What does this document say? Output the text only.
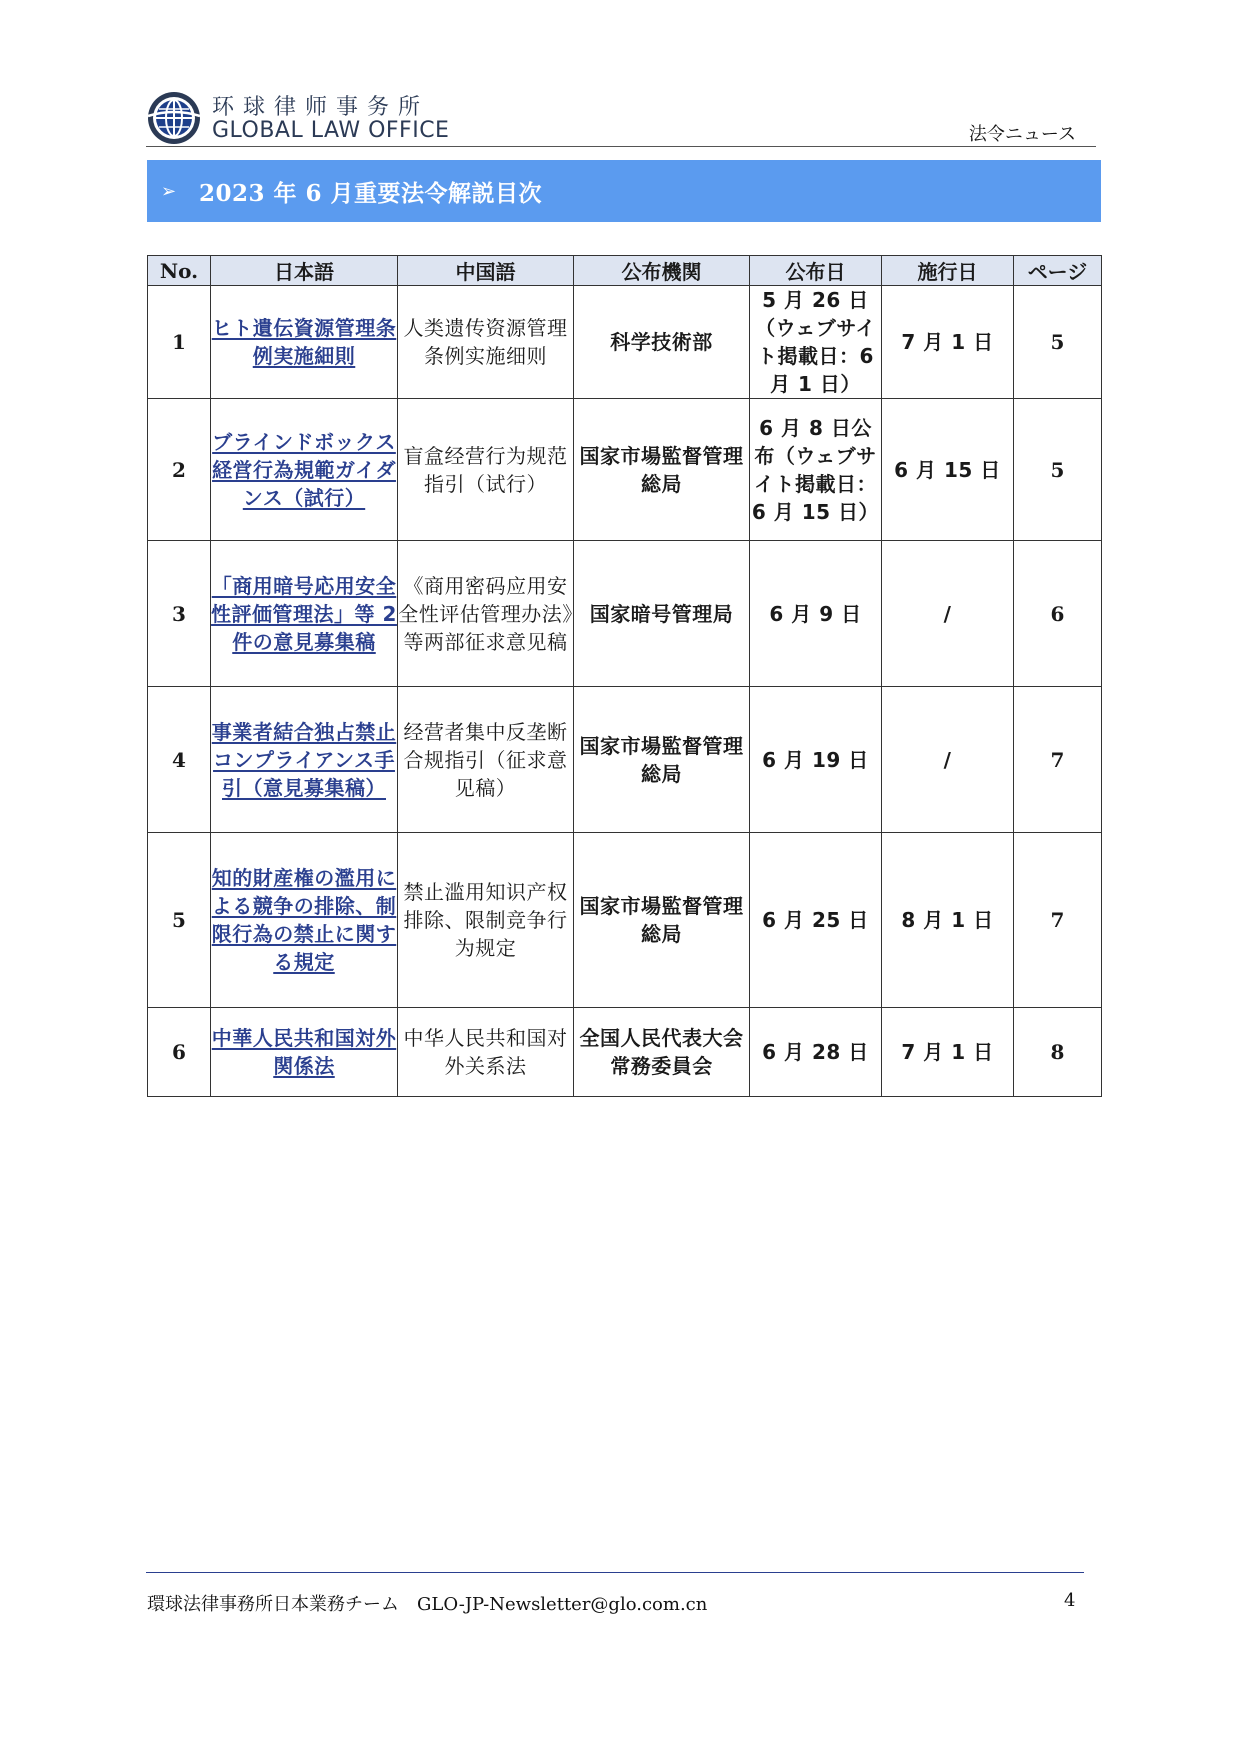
环球律师事务所
GLOBAL LAW OFFICE	法令ニュース
➢ 2023 年 6 月重要法令解説目次
No.	日本語	中国語	公布機関	公布日	施行日	ページ
1	ヒト遺伝資源管理条例実施細則	人类遗传资源管理条例实施细则	科学技術部	5 月 26 日（ウェブサイト掲載日：6 月 1 日）	7 月 1 日	5
2	ブラインドボックス経営行為規範ガイダンス（試行）	盲盒经营行为规范指引（试行）	国家市場監督管理総局	6 月 8 日公布（ウェブサイト掲載日：6 月 15 日）	6 月 15 日	5
3	「商用暗号応用安全性評価管理法」等 2 件の意見募集稿	《商用密码应用安全性评估管理办法》等两部征求意见稿	国家暗号管理局	6 月 9 日	/	6
4	事業者結合独占禁止コンプライアンス手引（意見募集稿）	经营者集中反垄断合规指引（征求意见稿）	国家市場監督管理総局	6 月 19 日	/	7
5	知的財産権の濫用による競争の排除、制限行為の禁止に関する規定	禁止滥用知识产权排除、限制竞争行为规定	国家市場監督管理総局	6 月 25 日	8 月 1 日	7
6	中華人民共和国対外関係法	中华人民共和国对外关系法	全国人民代表大会常務委員会	6 月 28 日	7 月 1 日	8
環球法律事務所日本業務チーム　GLO-JP-Newsletter@glo.com.cn	4
